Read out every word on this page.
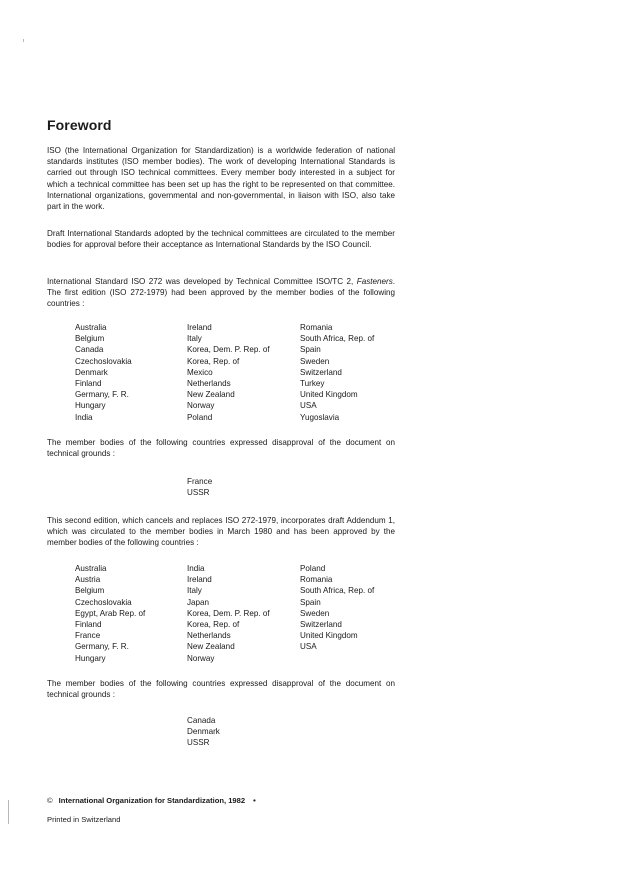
Foreword

ISO (the International Organization for Standardization) is a worldwide federation of national standards institutes (ISO member bodies). The work of developing International Standards is carried out through ISO technical committees. Every member body interested in a subject for which a technical committee has been set up has the right to be represented on that committee. International organizations, governmental and non-governmental, in liaison with ISO, also take part in the work.

Draft International Standards adopted by the technical committees are circulated to the member bodies for approval before their acceptance as International Standards by the ISO Council.

International Standard ISO 272 was developed by Technical Committee ISO/TC 2, Fasteners. The first edition (ISO 272-1979) had been approved by the member bodies of the following countries :

Australia
Belgium
Canada
Czechoslovakia
Denmark
Finland
Germany, F. R.
Hungary
India
Ireland
Italy
Korea, Dem. P. Rep. of
Korea, Rep. of
Mexico
Netherlands
New Zealand
Norway
Poland
Romania
South Africa, Rep. of
Spain
Sweden
Switzerland
Turkey
United Kingdom
USA
Yugoslavia

The member bodies of the following countries expressed disapproval of the document on technical grounds :

France
USSR

This second edition, which cancels and replaces ISO 272-1979, incorporates draft Addendum 1, which was circulated to the member bodies in March 1980 and has been approved by the member bodies of the following countries :

Australia
Austria
Belgium
Czechoslovakia
Egypt, Arab Rep. of
Finland
France
Germany, F. R.
Hungary
India
Ireland
Italy
Japan
Korea, Dem. P. Rep. of
Korea, Rep. of
Netherlands
New Zealand
Norway
Poland
Romania
South Africa, Rep. of
Spain
Sweden
Switzerland
United Kingdom
USA

The member bodies of the following countries expressed disapproval of the document on technical grounds :

Canada
Denmark
USSR
© International Organization for Standardization, 1982 •
Printed in Switzerland
